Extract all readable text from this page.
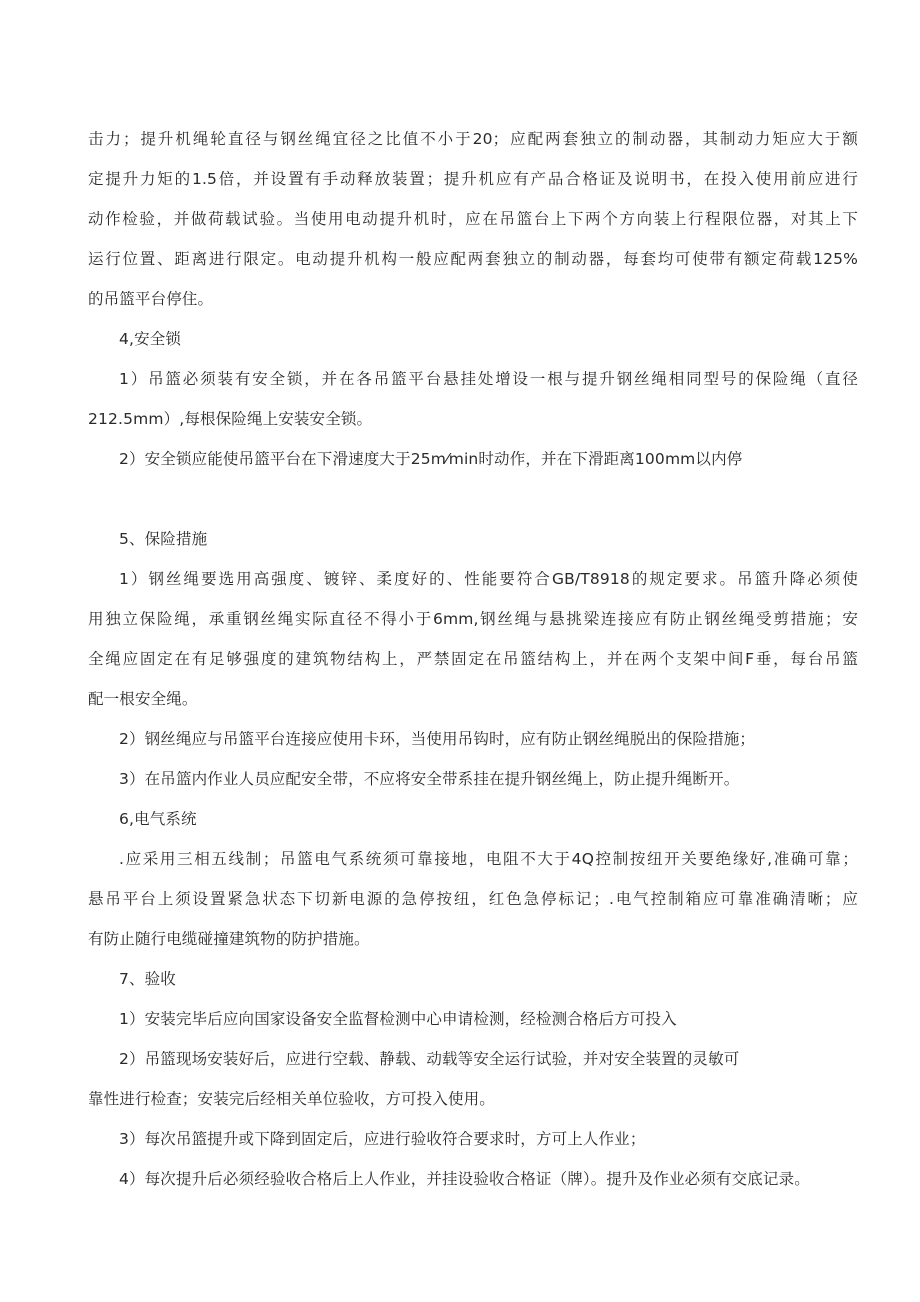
击力；提升机绳轮直径与钢丝绳宜径之比值不小于20；应配两套独立的制动器，其制动力矩应大于额
定提升力矩的1.5倍，并设置有手动释放装置；提升机应有产品合格证及说明书，在投入使用前应进行
动作检验，并做荷载试验。当使用电动提升机时，应在吊篮台上下两个方向装上行程限位器，对其上下
运行位置、距离进行限定。电动提升机构一般应配两套独立的制动器，每套均可使带有额定荷载125%
的吊篮平台停住。
4,安全锁
1）吊篮必须装有安全锁，并在各吊篮平台悬挂处增设一根与提升钢丝绳相同型号的保险绳（直径
212.5mm）,每根保险绳上安装安全锁。
2）安全锁应能使吊篮平台在下滑速度大于25m⁄min时动作，并在下滑距离100mm以内停
5、保险措施
1）钢丝绳要选用高强度、镀锌、柔度好的、性能要符合GB/T8918的规定要求。吊篮升降必须使
用独立保险绳，承重钢丝绳实际直径不得小于6mm,钢丝绳与悬挑梁连接应有防止钢丝绳受剪措施；安
全绳应固定在有足够强度的建筑物结构上，严禁固定在吊篮结构上，并在两个支架中间F垂，每台吊篮
配一根安全绳。
2）钢丝绳应与吊篮平台连接应使用卡环，当使用吊钩时，应有防止钢丝绳脱出的保险措施；
3）在吊篮内作业人员应配安全带，不应将安全带系挂在提升钢丝绳上，防止提升绳断开。
6,电气系统
.应采用三相五线制；吊篮电气系统须可靠接地，电阻不大于4Q控制按纽开关要绝缘好,准确可靠；
悬吊平台上须设置紧急状态下切新电源的急停按纽，红色急停标记；.电气控制箱应可靠准确清晰；应
有防止随行电缆碰撞建筑物的防护措施。
7、验收
1）安装完毕后应向国家设备安全监督检测中心申请检测，经检测合格后方可投入
2）吊篮现场安装好后，应进行空载、静载、动载等安全运行试验，并对安全装置的灵敏可
靠性进行检查；安装完后经相关单位验收，方可投入使用。
3）每次吊篮提升或下降到固定后，应进行验收符合要求时，方可上人作业；
4）每次提升后必须经验收合格后上人作业，并挂设验收合格证（牌）。提升及作业必须有交底记录。
